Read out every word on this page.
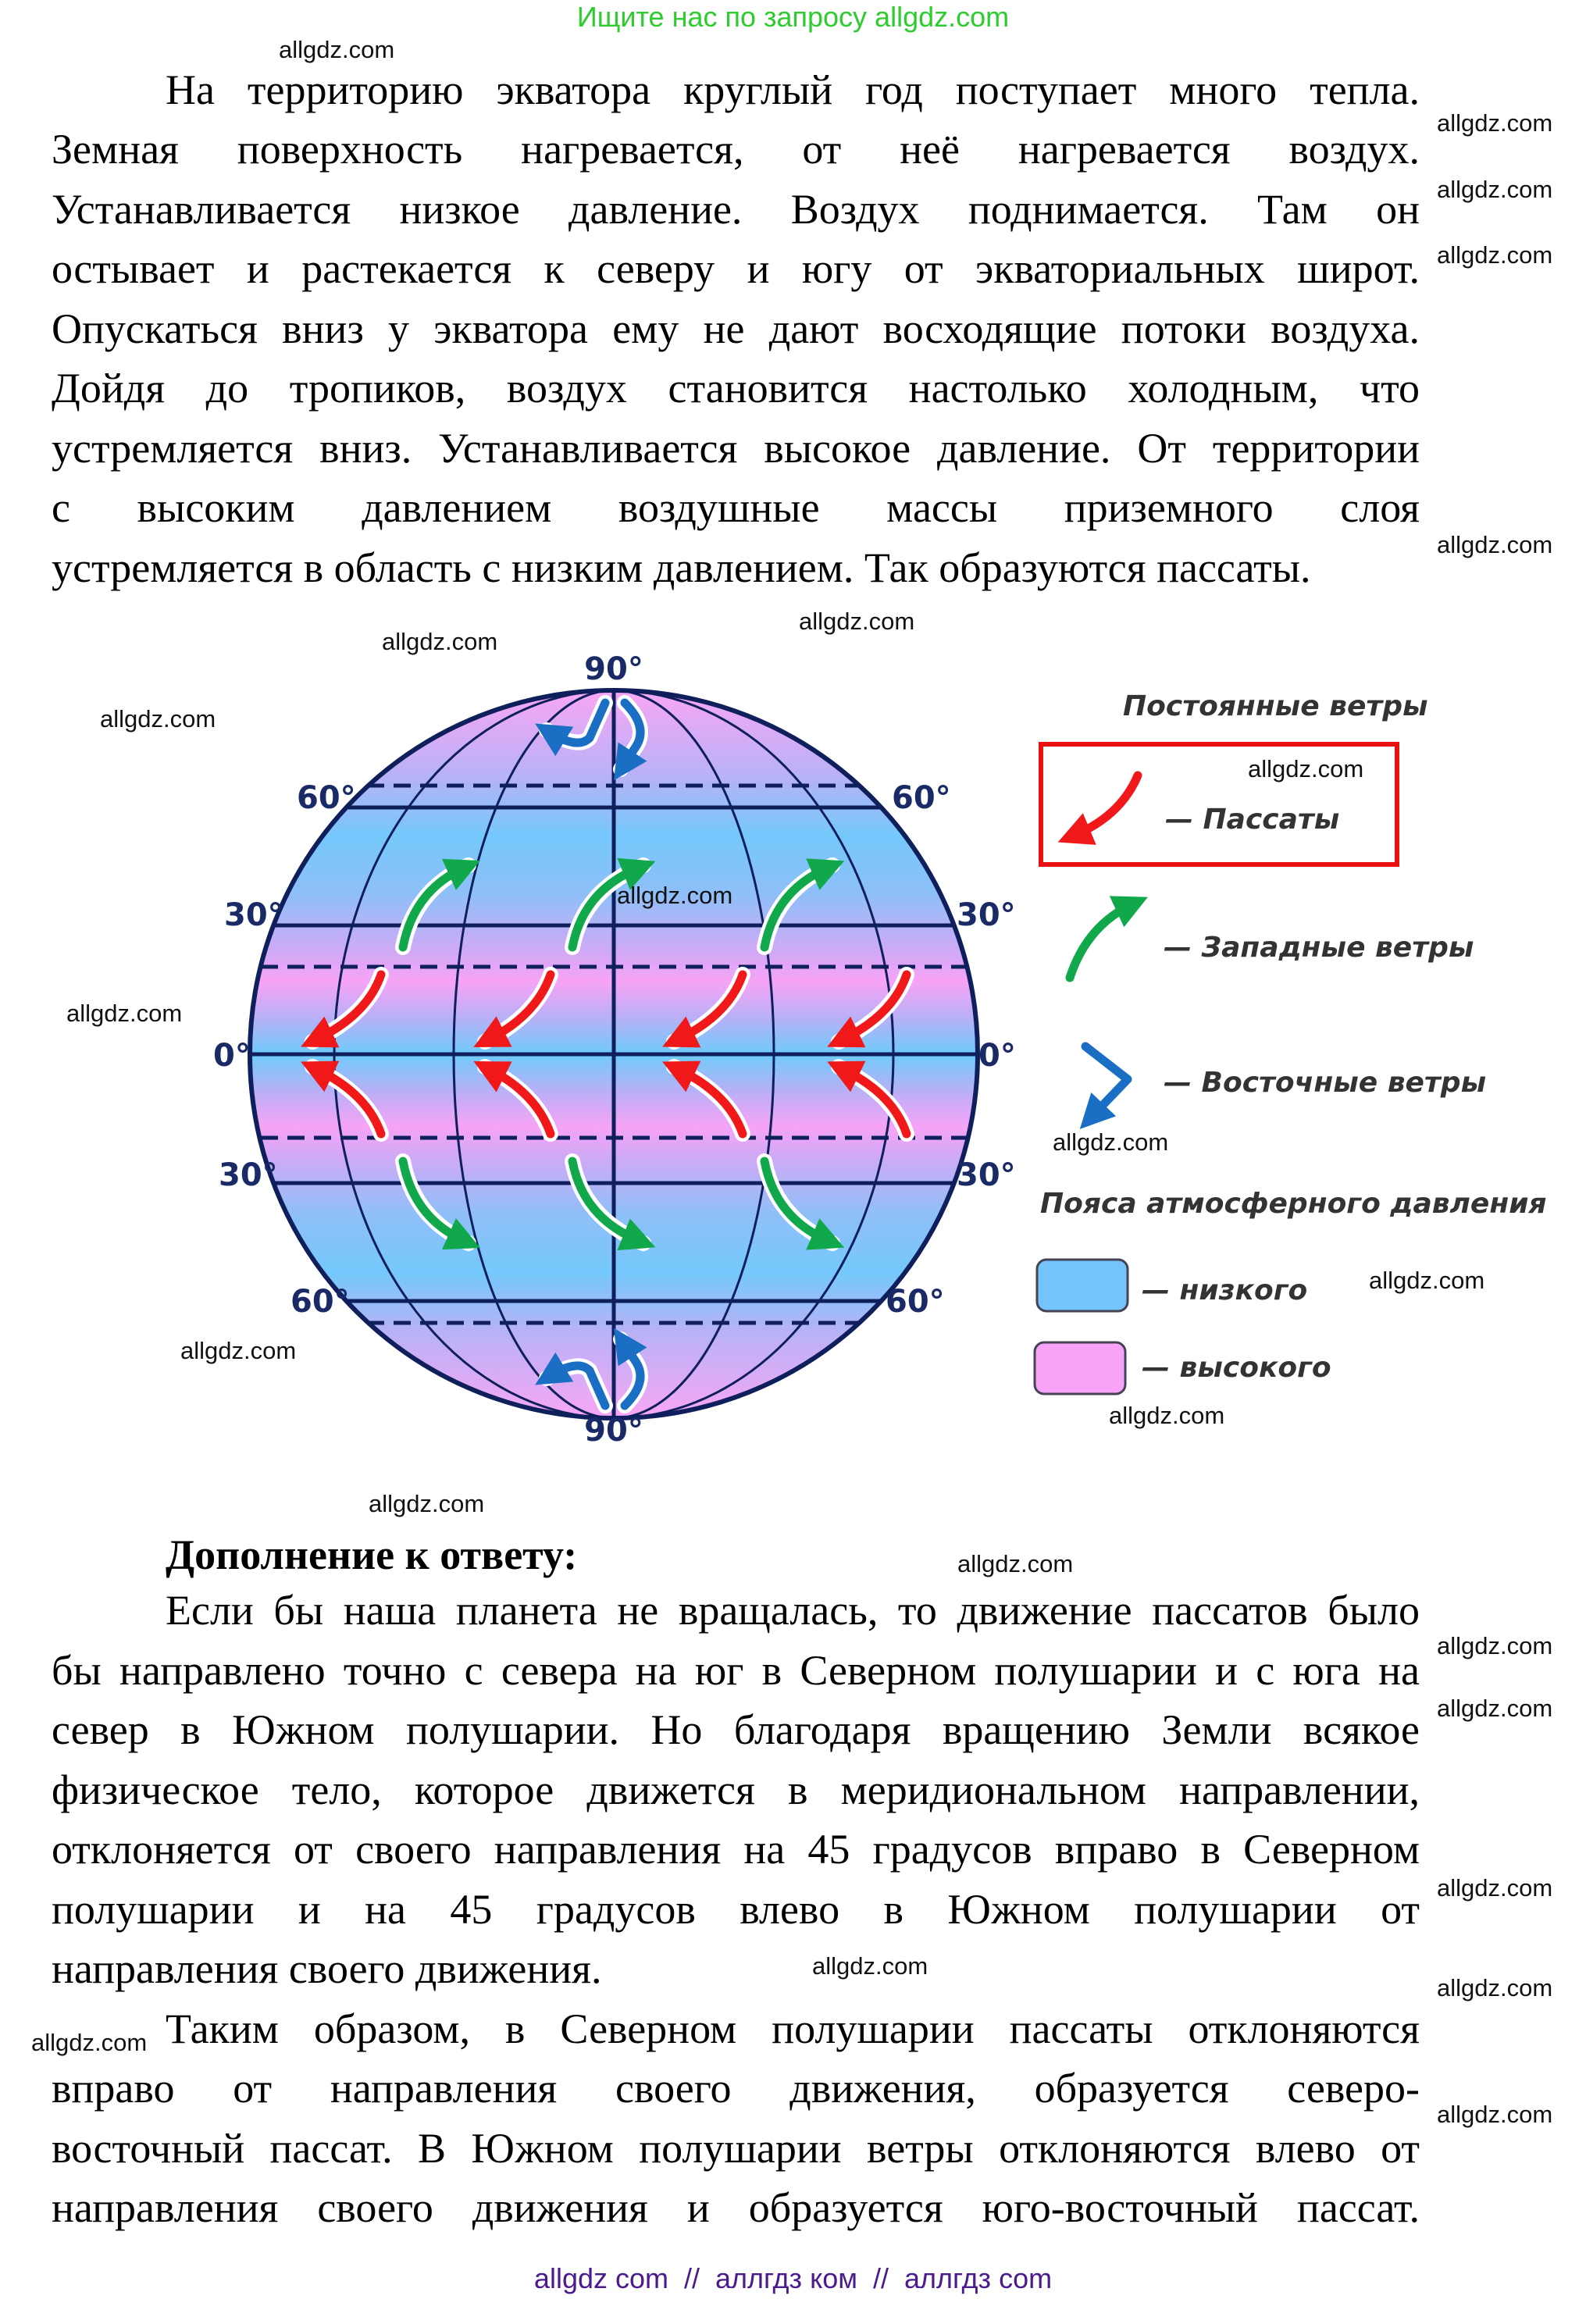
Ищите нас по запросу allgdz.com
На территорию экватора круглый год поступает много тепла.
Земная поверхность нагревается, от неё нагревается воздух.
Устанавливается низкое давление. Воздух поднимается. Там он
остывает и растекается к северу и югу от экваториальных широт.
Опускаться вниз у экватора ему не дают восходящие потоки воздуха.
Дойдя до тропиков, воздух становится настолько холодным, что
устремляется вниз. Устанавливается высокое давление. От территории
с высоким давлением воздушные массы приземного слоя
устремляется в область с низким давлением. Так образуются пассаты.
90°
90°
60°	60°
30°	30°
0°	0°
30°	30°
60°	60°
Постоянные ветры
— Пассаты
— Западные ветры
— Восточные ветры
Пояса атмосферного давления
— низкого
— высокого
Дополнение к ответу:
Если бы наша планета не вращалась, то движение пассатов было
бы направлено точно с севера на юг в Северном полушарии и с юга на
север в Южном полушарии. Но благодаря вращению Земли всякое
физическое тело, которое движется в меридиональном направлении,
отклоняется от своего направления на 45 градусов вправо в Северном
полушарии и на 45 градусов влево в Южном полушарии от
направления своего движения.
Таким образом, в Северном полушарии пассаты отклоняются
вправо от направления своего движения, образуется северо-
восточный пассат. В Южном полушарии ветры отклоняются влево от
направления своего движения и образуется юго-восточный пассат.
allgdz.com
allgdz.com
allgdz.com
allgdz.com
allgdz.com
allgdz.com
allgdz.com
allgdz.com
allgdz.com
allgdz.com
allgdz.com
allgdz.com
allgdz.com
allgdz.com
allgdz.com
allgdz.com
allgdz.com
allgdz.com
allgdz.com
allgdz.com
allgdz.com
allgdz.com
allgdz.com
allgdz.com
allgdz com  //  аллгдз ком  //  аллгдз com
